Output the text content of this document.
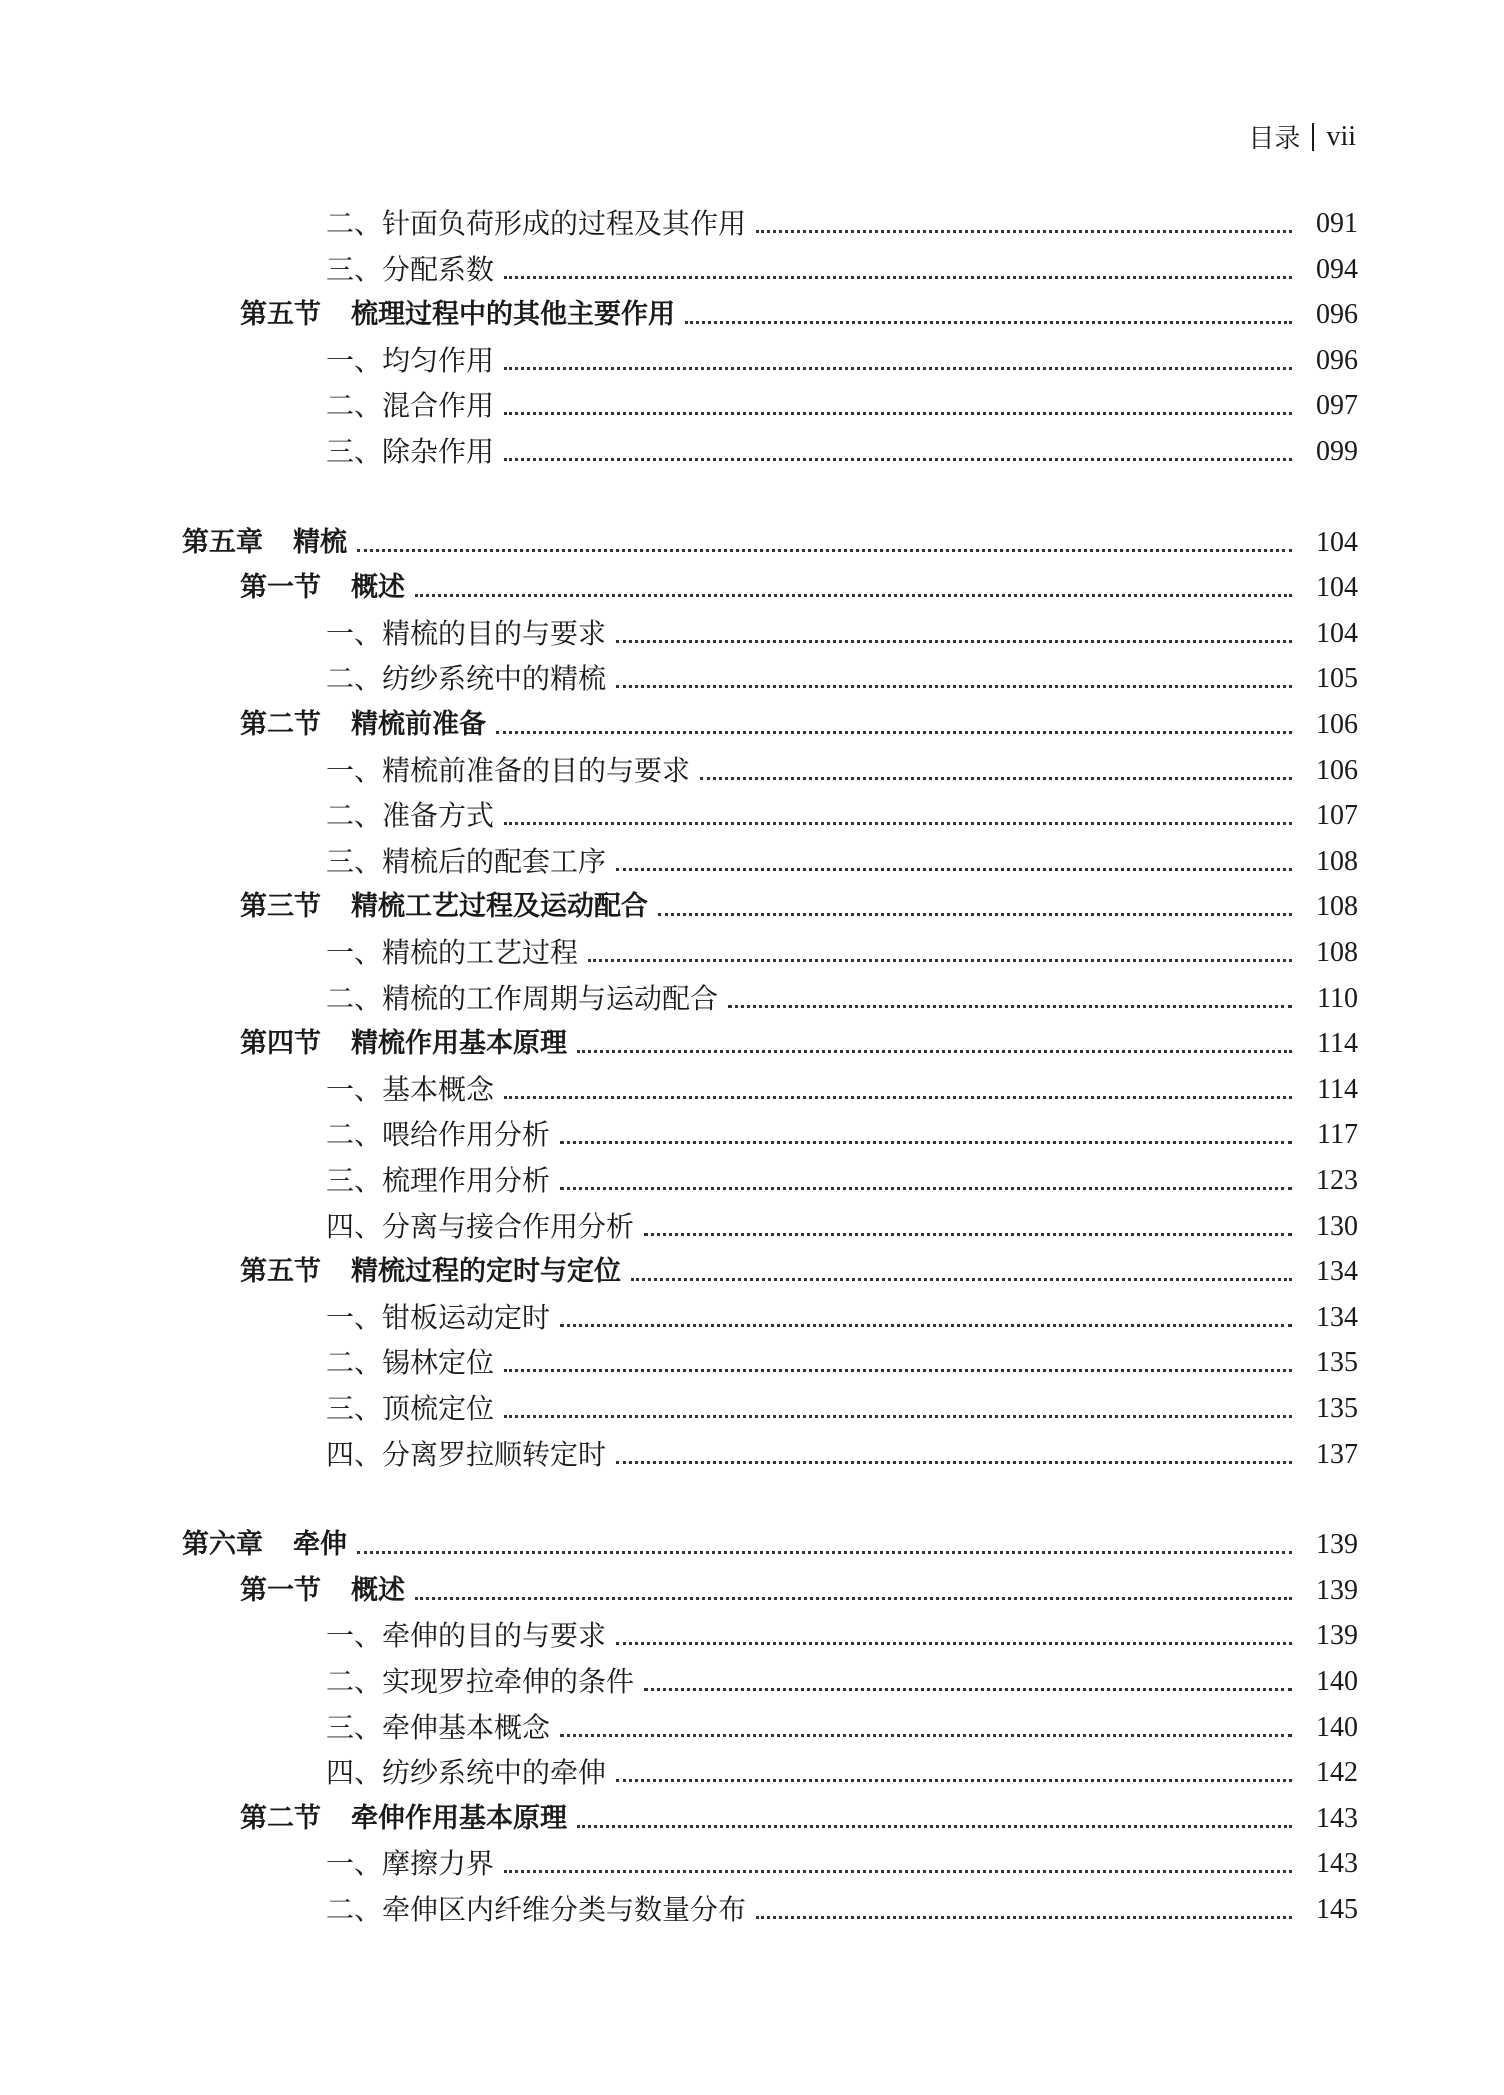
目录 vii
二、针面负荷形成的过程及其作用	091
三、分配系数	094
第五节 梳理过程中的其他主要作用	096
一、均匀作用	096
二、混合作用	097
三、除杂作用	099
第五章 精梳	104
第一节 概述	104
一、精梳的目的与要求	104
二、纺纱系统中的精梳	105
第二节 精梳前准备	106
一、精梳前准备的目的与要求	106
二、准备方式	107
三、精梳后的配套工序	108
第三节 精梳工艺过程及运动配合	108
一、精梳的工艺过程	108
二、精梳的工作周期与运动配合	110
第四节 精梳作用基本原理	114
一、基本概念	114
二、喂给作用分析	117
三、梳理作用分析	123
四、分离与接合作用分析	130
第五节 精梳过程的定时与定位	134
一、钳板运动定时	134
二、锡林定位	135
三、顶梳定位	135
四、分离罗拉顺转定时	137
第六章 牵伸	139
第一节 概述	139
一、牵伸的目的与要求	139
二、实现罗拉牵伸的条件	140
三、牵伸基本概念	140
四、纺纱系统中的牵伸	142
第二节 牵伸作用基本原理	143
一、摩擦力界	143
二、牵伸区内纤维分类与数量分布	145
